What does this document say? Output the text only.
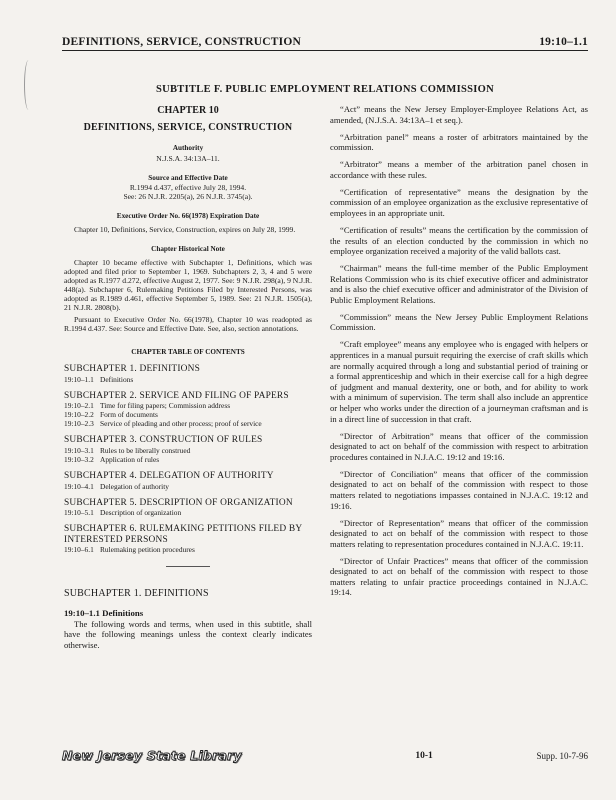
DEFINITIONS, SERVICE, CONSTRUCTION	19:10–1.1
SUBTITLE F. PUBLIC EMPLOYMENT RELATIONS COMMISSION
CHAPTER 10
DEFINITIONS, SERVICE, CONSTRUCTION
Authority
N.J.S.A. 34:13A–11.
Source and Effective Date
R.1994 d.437, effective July 28, 1994.
See: 26 N.J.R. 2205(a), 26 N.J.R. 3745(a).
Executive Order No. 66(1978) Expiration Date
Chapter 10, Definitions, Service, Construction, expires on July 28, 1999.
Chapter Historical Note
Chapter 10 became effective with Subchapter 1, Definitions, which was adopted and filed prior to September 1, 1969. Subchapters 2, 3, 4 and 5 were adopted as R.1977 d.272, effective August 2, 1977. See: 9 N.J.R. 298(a), 9 N.J.R. 448(a). Subchapter 6, Rulemaking Petitions Filed by Interested Persons, was adopted as R.1989 d.461, effective September 5, 1989. See: 21 N.J.R. 1505(a), 21 N.J.R. 2808(b).
Pursuant to Executive Order No. 66(1978), Chapter 10 was readopted as R.1994 d.437. See: Source and Effective Date. See, also, section annotations.
CHAPTER TABLE OF CONTENTS
SUBCHAPTER 1. DEFINITIONS
19:10–1.1 Definitions
SUBCHAPTER 2. SERVICE AND FILING OF PAPERS
19:10–2.1 Time for filing papers; Commission address
19:10–2.2 Form of documents
19:10–2.3 Service of pleading and other process; proof of service
SUBCHAPTER 3. CONSTRUCTION OF RULES
19:10–3.1 Rules to be liberally construed
19:10–3.2 Application of rules
SUBCHAPTER 4. DELEGATION OF AUTHORITY
19:10–4.1 Delegation of authority
SUBCHAPTER 5. DESCRIPTION OF ORGANIZATION
19:10–5.1 Description of organization
SUBCHAPTER 6. RULEMAKING PETITIONS FILED BY INTERESTED PERSONS
19:10–6.1 Rulemaking petition procedures
SUBCHAPTER 1. DEFINITIONS
19:10–1.1 Definitions
The following words and terms, when used in this subtitle, shall have the following meanings unless the context clearly indicates otherwise.

“Act” means the New Jersey Employer-Employee Relations Act, as amended, (N.J.S.A. 34:13A–1 et seq.).

“Arbitration panel” means a roster of arbitrators maintained by the commission.

“Arbitrator” means a member of the arbitration panel chosen in accordance with these rules.

“Certification of representative” means the designation by the commission of an employee organization as the exclusive representative of employees in an appropriate unit.

“Certification of results” means the certification by the commission of the results of an election conducted by the commission in which no employee organization received a majority of the valid ballots cast.

“Chairman” means the full-time member of the Public Employment Relations Commission who is its chief executive officer and administrator and is also the chief executive officer and administrator of the Division of Public Employment Relations.

“Commission” means the New Jersey Public Employment Relations Commission.

“Craft employee” means any employee who is engaged with helpers or apprentices in a manual pursuit requiring the exercise of craft skills which are normally acquired through a long and substantial period of training or a formal apprenticeship and which in their exercise call for a high degree of judgment and manual dexterity, one or both, and for ability to work with a minimum of supervision. The term shall also include an apprentice or helper who works under the direction of a journeyman craftsman and is in a direct line of succession in that craft.

“Director of Arbitration” means that officer of the commission designated to act on behalf of the commission with respect to arbitration procedures contained in N.J.A.C. 19:12 and 19:16.

“Director of Conciliation” means that officer of the commission designated to act on behalf of the commission with respect to those matters related to negotiations impasses contained in N.J.A.C. 19:12 and 19:16.

“Director of Representation” means that officer of the commission designated to act on behalf of the commission with respect to those matters relating to representation procedures contained in N.J.A.C. 19:11.

“Director of Unfair Practices” means that officer of the commission designated to act on behalf of the commission with respect to those matters relating to unfair practice proceedings contained in N.J.A.C. 19:14.

New Jersey State Library	10-1	Supp. 10-7-96
